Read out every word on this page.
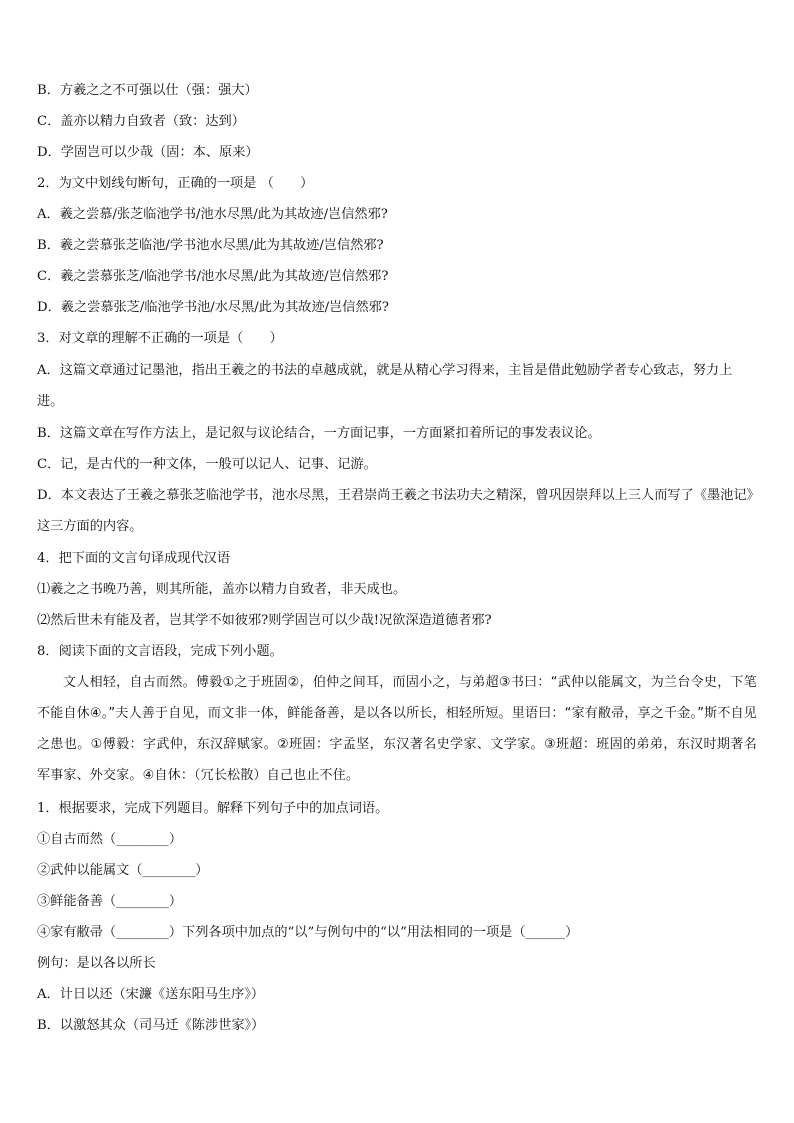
B．方羲之之不可强以仕（强：强大）
C．盖亦以精力自致者（致：达到）
D．学固岂可以少哉（固：本、原来）
2．为文中划线句断句，正确的一项是 （　　）
A．羲之尝慕/张芝临池学书/池水尽黑/此为其故迹/岂信然邪?
B．羲之尝慕张芝临池/学书池水尽黑/此为其故迹/岂信然邪?
C．羲之尝慕张芝/临池学书/池水尽黑/此为其故迹/岂信然邪?
D．羲之尝慕张芝/临池学书池/水尽黑/此为其故迹/岂信然邪?
3．对文章的理解不正确的一项是（　　）
A．这篇文章通过记墨池，指出王羲之的书法的卓越成就，就是从精心学习得来，主旨是借此勉励学者专心致志，努力上进。
B．这篇文章在写作方法上，是记叙与议论结合，一方面记事，一方面紧扣着所记的事发表议论。
C．记，是古代的一种文体，一般可以记人、记事、记游。
D．本文表达了王羲之慕张芝临池学书，池水尽黑，王君崇尚王羲之书法功夫之精深，曾巩因崇拜以上三人而写了《墨池记》这三方面的内容。
4．把下面的文言句译成现代汉语
⑴羲之之书晚乃善，则其所能，盖亦以精力自致者，非天成也。
⑵然后世未有能及者，岂其学不如彼邪?则学固岂可以少哉!况欲深造道德者邪?
8．阅读下面的文言语段，完成下列小题。
文人相轻，自古而然。傅毅①之于班固②，伯仲之间耳，而固小之，与弟超③书曰：“武仲以能属文，为兰台令史，下笔不能自休④。”夫人善于自见，而文非一体，鲜能备善，是以各以所长，相轻所短。里语曰：“家有敝帚，享之千金。”斯不自见之患也。①傅毅：字武仲，东汉辞赋家。②班固：字孟坚，东汉著名史学家、文学家。③班超：班固的弟弟，东汉时期著名军事家、外交家。④自休：（冗长松散）自己也止不住。
1．根据要求，完成下列题目。解释下列句子中的加点词语。
①自古而然（________）
②武仲以能属文（________）
③鲜能备善（________）
④家有敝帚（________）下列各项中加点的“以”与例句中的“以”用法相同的一项是（______）
例句：是以各以所长
A．计日以还（宋濂《送东阳马生序》）
B．以激怒其众（司马迁《陈涉世家》）
